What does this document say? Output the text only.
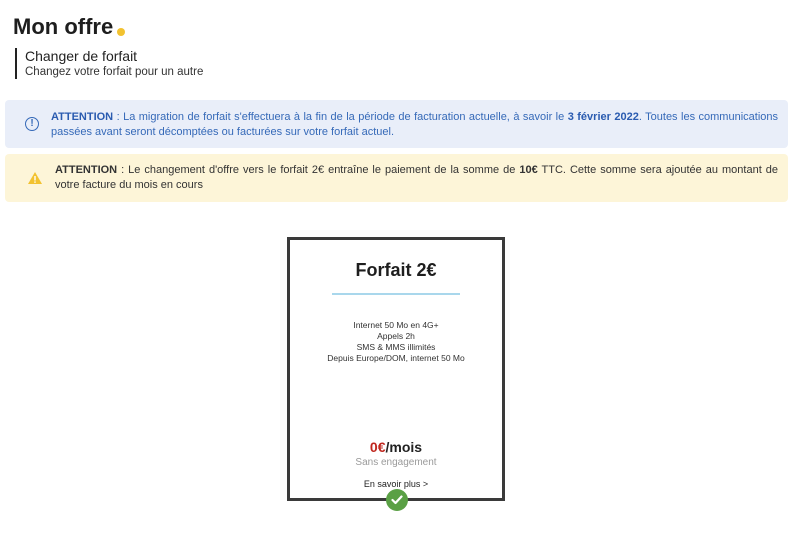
Mon offre
Changer de forfait
Changez votre forfait pour un autre
!
ATTENTION : La migration de forfait s'effectuera à la fin de la période de facturation actuelle, à savoir le 3 février 2022. Toutes les communications passées avant seront décomptées ou facturées sur votre forfait actuel.
ATTENTION : Le changement d'offre vers le forfait 2€ entraîne le paiement de la somme de 10€ TTC. Cette somme sera ajoutée au montant de votre facture du mois en cours
Forfait 2€
Internet 50 Mo en 4G+
Appels 2h
SMS & MMS illimités
Depuis Europe/DOM, internet 50 Mo
0€/mois
Sans engagement
En savoir plus >
